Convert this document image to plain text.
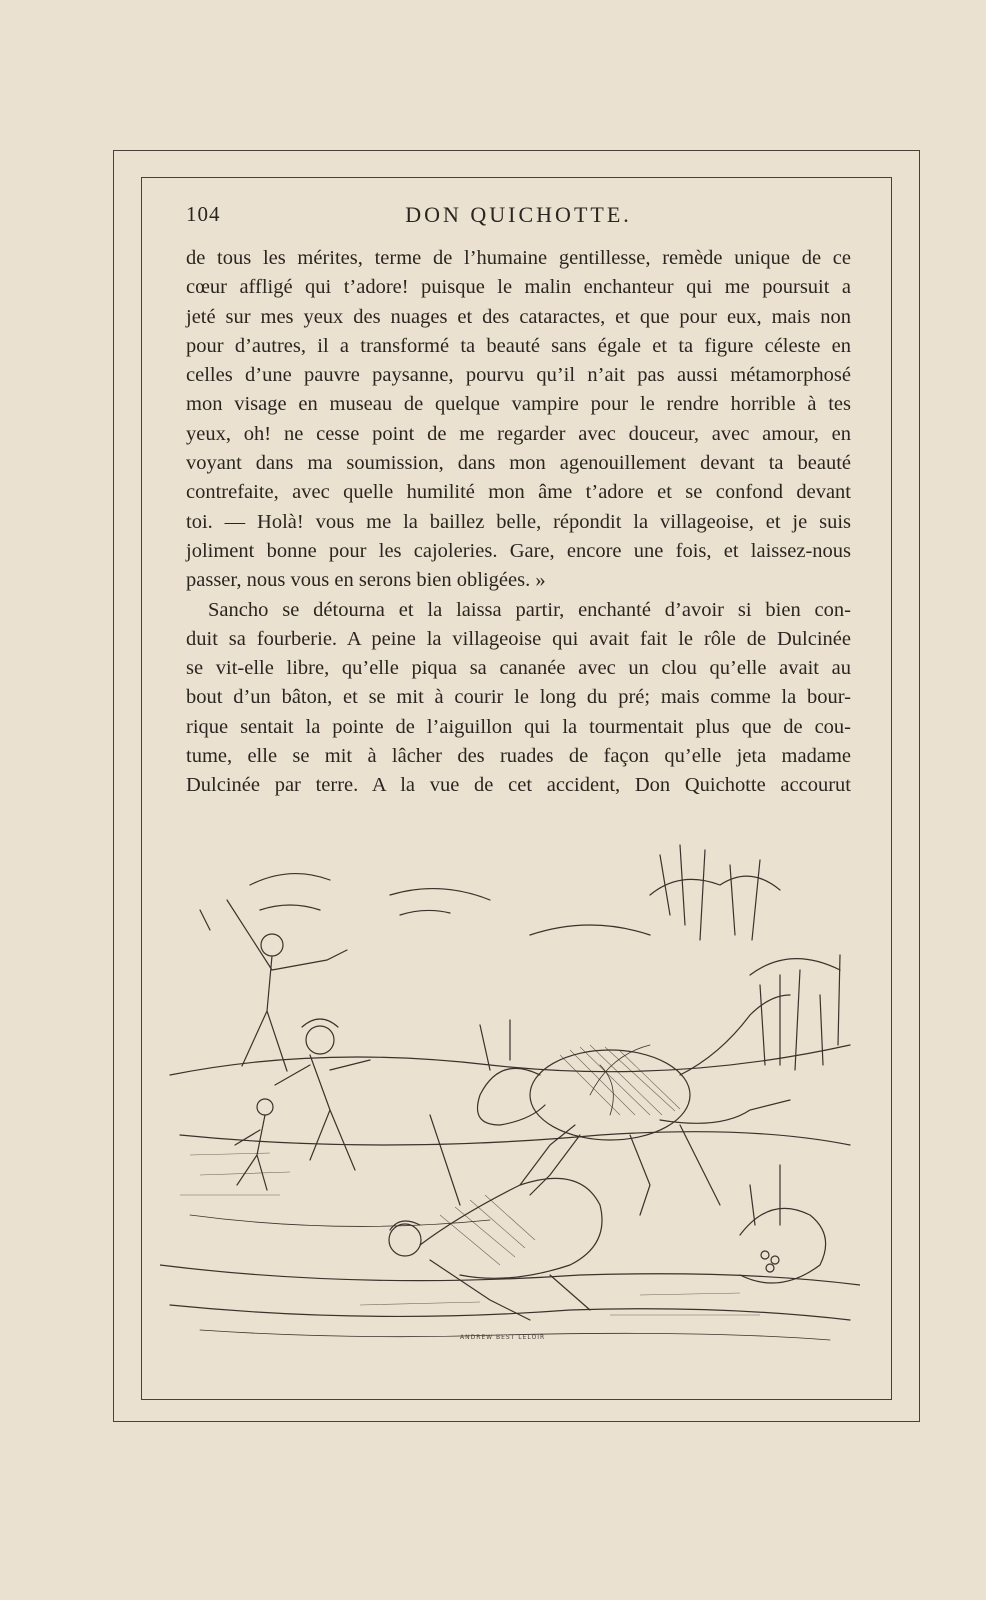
104	DON QUICHOTTE.
de tous les mérites, terme de l’humaine gentillesse, remède unique de ce
cœur affligé qui t’adore! puisque le malin enchanteur qui me poursuit a
jeté sur mes yeux des nuages et des cataractes, et que pour eux, mais non
pour d’autres, il a transformé ta beauté sans égale et ta figure céleste en
celles d’une pauvre paysanne, pourvu qu’il n’ait pas aussi métamorphosé
mon visage en museau de quelque vampire pour le rendre horrible à tes
yeux, oh! ne cesse point de me regarder avec douceur, avec amour, en
voyant dans ma soumission, dans mon agenouillement devant ta beauté
contrefaite, avec quelle humilité mon âme t’adore et se confond devant
toi. — Holà! vous me la baillez belle, répondit la villageoise, et je suis
joliment bonne pour les cajoleries. Gare, encore une fois, et laissez-nous
passer, nous vous en serons bien obligées. »
Sancho se détourna et la laissa partir, enchanté d’avoir si bien con-
duit sa fourberie. A peine la villageoise qui avait fait le rôle de Dulcinée
se vit-elle libre, qu’elle piqua sa cananée avec un clou qu’elle avait au
bout d’un bâton, et se mit à courir le long du pré; mais comme la bour-
rique sentait la pointe de l’aiguillon qui la tourmentait plus que de cou-
tume, elle se mit à lâcher des ruades de façon qu’elle jeta madame
Dulcinée par terre. A la vue de cet accident, Don Quichotte accourut
ANDREW BEST LELOIR
